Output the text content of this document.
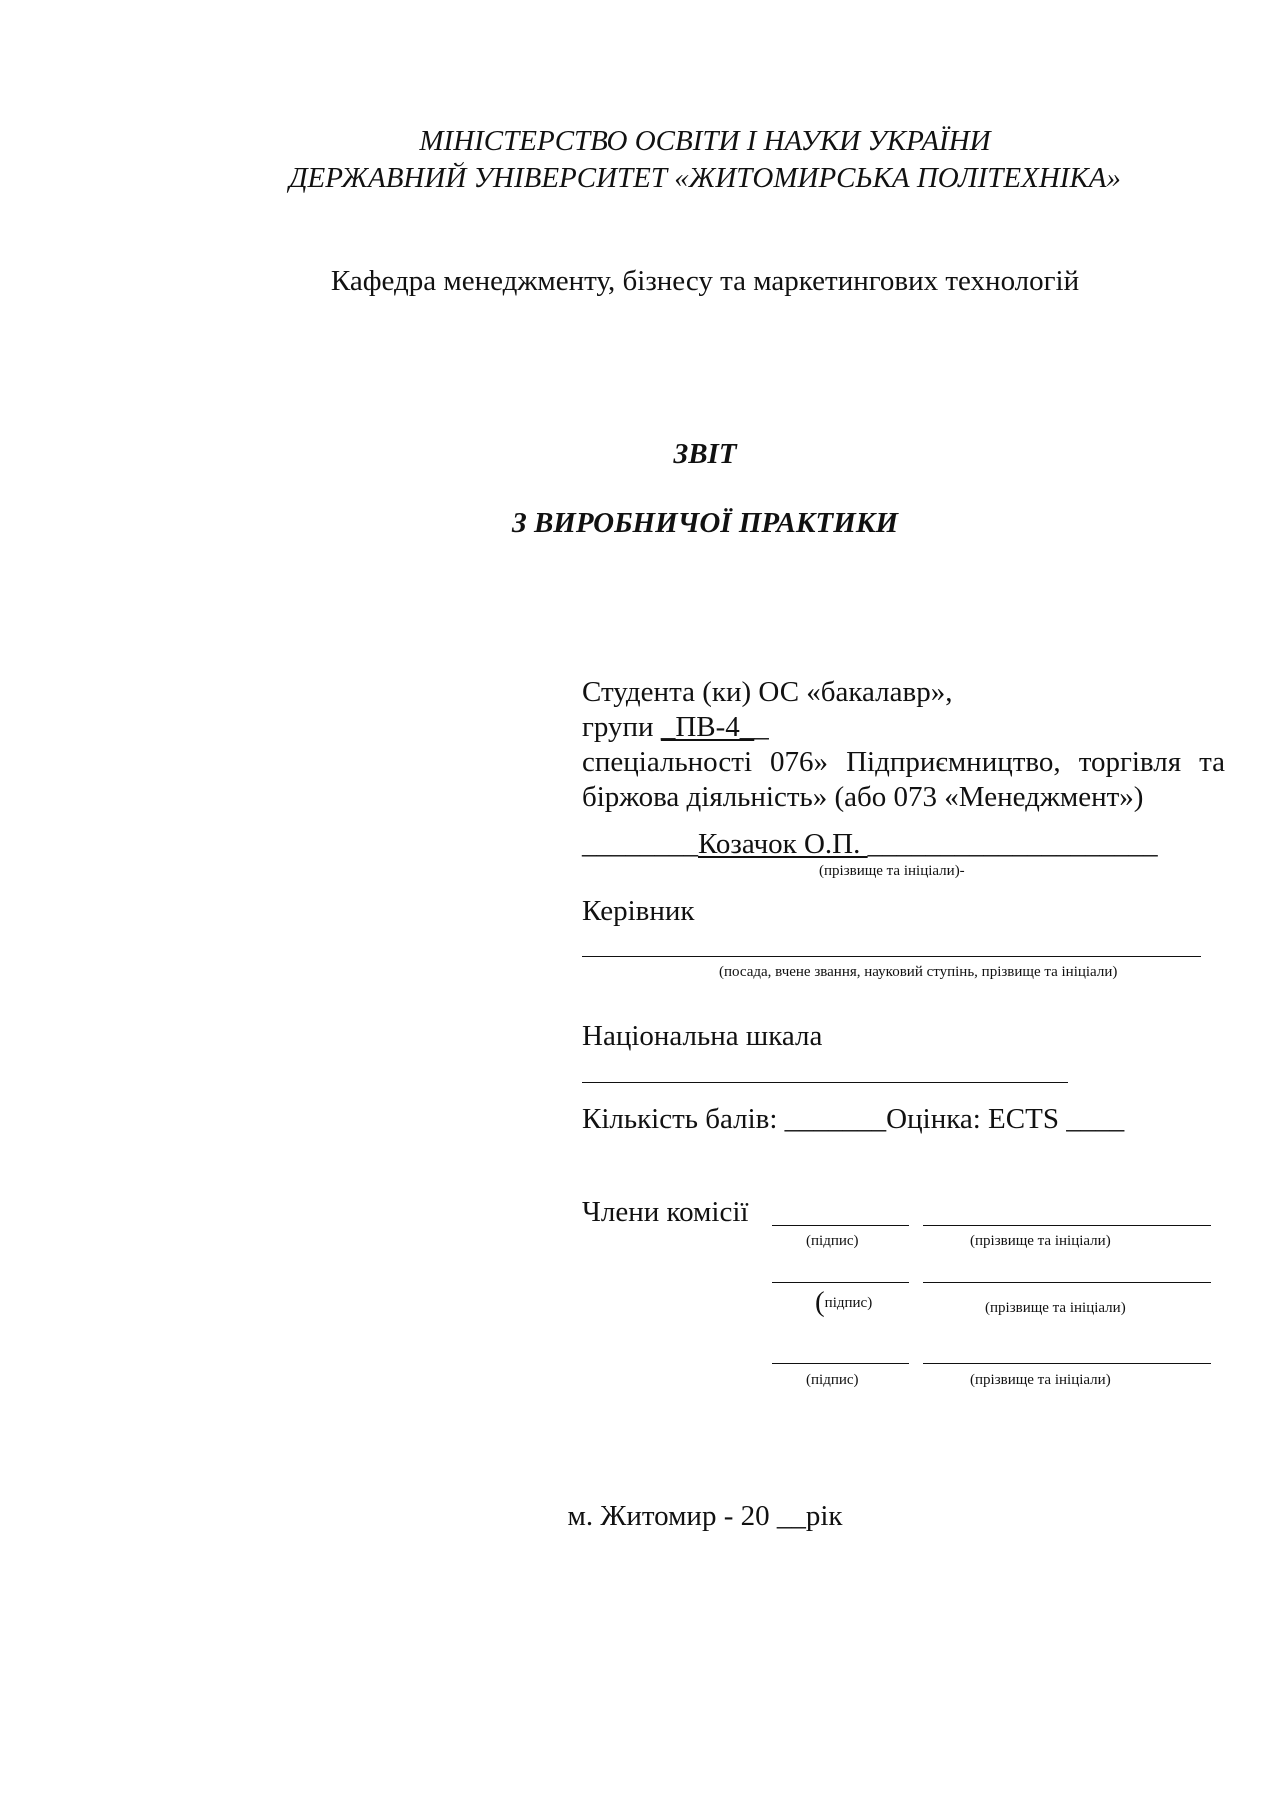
МІНІСТЕРСТВО ОСВІТИ І НАУКИ УКРАЇНИ
ДЕРЖАВНИЙ УНІВЕРСИТЕТ «ЖИТОМИРСЬКА ПОЛІТЕХНІКА»
Кафедра менеджменту, бізнесу та маркетингових технологій
ЗВІТ
З ВИРОБНИЧОЇ ПРАКТИКИ
Студента (ки) ОС «бакалавр»,
групи _ПВ-4__
спеціальності 076» Підприємництво, торгівля та
біржова діяльність» (або 073 «Менеджмент»)
________Козачок О.П. ____________________
(прізвище та ініціали)-
Керівник
(посада, вчене звання, науковий ступінь, прізвище та ініціали)
Національна шкала
Кількість балів: _______Оцінка: ECTS ____
Члени комісії
(підпис)	(прізвище та ініціали)
(підпис)	(прізвище та ініціали)
(підпис)	(прізвище та ініціали)
м. Житомир - 20 __рік
